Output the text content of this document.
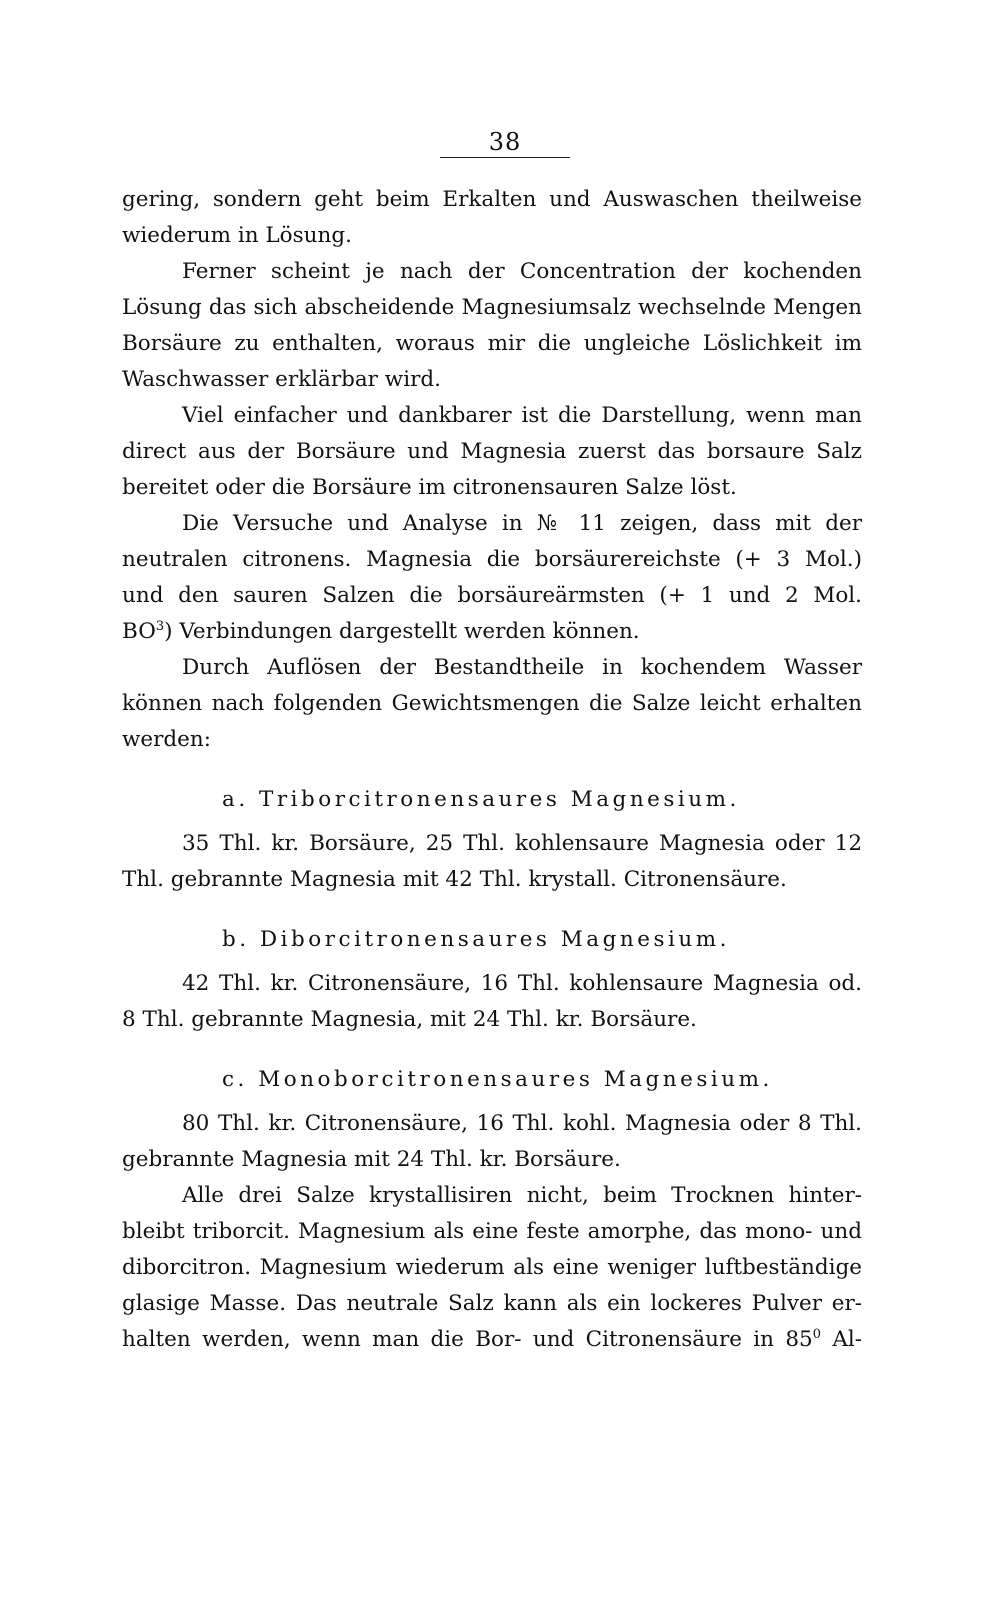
38
gering, sondern geht beim Erkalten und Auswaschen theilweise
wiederum in Lösung.
Ferner scheint je nach der Concentration der kochenden
Lösung das sich abscheidende Magnesiumsalz wechselnde Mengen
Borsäure zu enthalten, woraus mir die ungleiche Löslichkeit im
Waschwasser erklärbar wird.
Viel einfacher und dankbarer ist die Darstellung, wenn man
direct aus der Borsäure und Magnesia zuerst das borsaure Salz
bereitet oder die Borsäure im citronensauren Salze löst.
Die Versuche und Analyse in № 11 zeigen, dass mit der
neutralen citronens. Magnesia die borsäurereichste (+ 3 Mol.)
und den sauren Salzen die borsäureärmsten (+ 1 und 2 Mol.
$BO^3$) Verbindungen dargestellt werden können.
Durch Auflösen der Bestandtheile in kochendem Wasser
können nach folgenden Gewichtsmengen die Salze leicht erhalten
werden:
a. Triborcitronensaures Magnesium.
35 Thl. kr. Borsäure, 25 Thl. kohlensaure Magnesia oder 12
Thl. gebrannte Magnesia mit 42 Thl. krystall. Citronensäure.
b. Diborcitronensaures Magnesium.
42 Thl. kr. Citronensäure, 16 Thl. kohlensaure Magnesia od.
8 Thl. gebrannte Magnesia, mit 24 Thl. kr. Borsäure.
c. Monoborcitronensaures Magnesium.
80 Thl. kr. Citronensäure, 16 Thl. kohl. Magnesia oder 8 Thl.
gebrannte Magnesia mit 24 Thl. kr. Borsäure.
Alle drei Salze krystallisiren nicht, beim Trocknen hinter-
bleibt triborcit. Magnesium als eine feste amorphe, das mono- und
diborcitron. Magnesium wiederum als eine weniger luftbeständige
glasige Masse. Das neutrale Salz kann als ein lockeres Pulver er-
halten werden, wenn man die Bor- und Citronensäure in $85^0$ Al-
